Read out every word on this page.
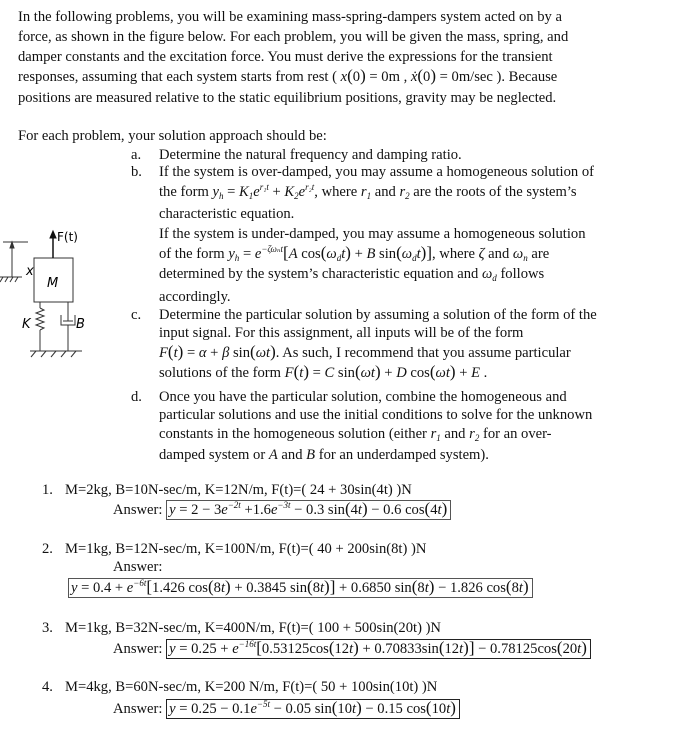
In the following problems, you will be examining mass-spring-dampers system acted on by a
force, as shown in the figure below. For each problem, you will be given the mass, spring, and
damper constants and the excitation force. You must derive the expressions for the transient
responses, assuming that each system starts from rest ( x(0) = 0m , ẋ(0) = 0m/sec ). Because
positions are measured relative to the static equilibrium positions, gravity may be neglected.
For each problem, your solution approach should be:
a. Determine the natural frequency and damping ratio.
b. If the system is over-damped, you may assume a homogeneous solution of
the form $y_h = K_1e^{r_1t} + K_2e^{r_2t}$, where $r_1$ and $r_2$ are the roots of the system’s
characteristic equation.
If the system is under-damped, you may assume a homogeneous solution
of the form $y_h = e^{-\zeta\omega_nt}[A$ $\cos(\omega_dt) + B$ $\sin(\omega_dt)$], where ζ and $\omega_n$ are
determined by the system’s characteristic equation and $\omega_d$ follows
accordingly.
c. Determine the particular solution by assuming a solution of the form of the
input signal. For this assignment, all inputs will be of the form
F(t) = α + β sin(ωt). As such, I recommend that you assume particular
solutions of the form F(t) = C sin(ωt) + D cos(ωt) + E .
d. Once you have the particular solution, combine the homogeneous and
particular solutions and use the initial conditions to solve for the unknown
constants in the homogeneous solution (either $r_1$ and $r_2$ for an over-
damped system or A and B for an underdamped system).
x
M
F(t)
K	B
1. M=2kg, B=10N-sec/m, K=12N/m, F(t)=( 24 + 30sin(4t) )N
Answer: $y = 2 - 3e^{-2t} +1.6e^{-3t} - 0.3$ sin(4t) − 0.6 cos(4t)
2. M=1kg, B=12N-sec/m, K=100N/m, F(t)=( 40 + 200sin(8t) )N
Answer:
$y = 0.4 + e^{-6t}[1.426$ cos(8t) + 0.3845 sin(8t)] + 0.6850 sin(8t) − 1.826 cos(8t)
3. M=1kg, B=32N-sec/m, K=400N/m, F(t)=( 100 + 500sin(20t) )N
Answer: $y = 0.25 + e^{-16t}[0.53125\cos(12t) + 0.70833\sin(12t)] - 0.78125\cos(20t)$
4. M=4kg, B=60N-sec/m, K=200 N/m, F(t)=( 50 + 100sin(10t) )N
Answer: $y = 0.25 - 0.1e^{-5t} - 0.05$ sin(10t) − 0.15 cos(10t)
